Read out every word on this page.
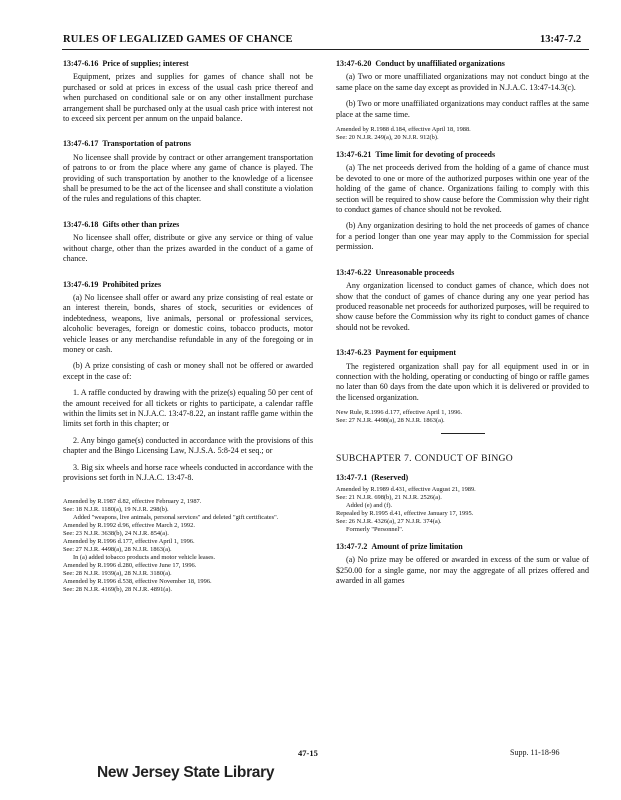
RULES OF LEGALIZED GAMES OF CHANCE	13:47-7.2
13:47-6.16 Price of supplies; interest
Equipment, prizes and supplies for games of chance shall not be purchased or sold at prices in excess of the usual cash price thereof and when purchased on conditional sale or on any other installment purchase arrangement shall be purchased only at the usual cash price with interest not to exceed six percent per annum on the unpaid balance.
13:47-6.17 Transportation of patrons
No licensee shall provide by contract or other arrangement transportation of patrons to or from the place where any game of chance is played. The providing of such transportation by another to the knowledge of a licensee shall be presumed to be the act of the licensee and shall constitute a violation of the rules and regulations of this chapter.
13:47-6.18 Gifts other than prizes
No licensee shall offer, distribute or give any service or thing of value without charge, other than the prizes awarded in the conduct of a game of chance.
13:47-6.19 Prohibited prizes
(a) No licensee shall offer or award any prize consisting of real estate or an interest therein, bonds, shares of stock, securities or evidences of indebtedness, weapons, live animals, personal or professional services, alcoholic beverages, foreign or domestic coins, tobacco products, motor vehicle leases or any merchandise refundable in any of the foregoing or in money or cash.
(b) A prize consisting of cash or money shall not be offered or awarded except in the case of:
1. A raffle conducted by drawing with the prize(s) equaling 50 per cent of the amount received for all tickets or rights to participate, a calendar raffle within the limits set in N.J.A.C. 13:47-8.22, an instant raffle game within the limits set forth in this chapter; or
2. Any bingo game(s) conducted in accordance with the provisions of this chapter and the Bingo Licensing Law, N.J.S.A. 5:8-24 et seq.; or
3. Big six wheels and horse race wheels conducted in accordance with the provisions set forth in N.J.A.C. 13:47-8.
Amended by R.1987 d.82, effective February 2, 1987.
See: 18 N.J.R. 1180(a), 19 N.J.R. 298(b).
Added "weapons, live animals, personal services" and deleted "gift certificates".
Amended by R.1992 d.96, effective March 2, 1992.
See: 23 N.J.R. 3638(b), 24 N.J.R. 854(a).
Amended by R.1996 d.177, effective April 1, 1996.
See: 27 N.J.R. 4498(a), 28 N.J.R. 1863(a).
In (a) added tobacco products and motor vehicle leases.
Amended by R.1996 d.280, effective June 17, 1996.
See: 28 N.J.R. 1939(a), 28 N.J.R. 3180(a).
Amended by R.1996 d.538, effective November 18, 1996.
See: 28 N.J.R. 4169(b), 28 N.J.R. 4891(a).
13:47-6.20 Conduct by unaffiliated organizations
(a) Two or more unaffiliated organizations may not conduct bingo at the same place on the same day except as provided in N.J.A.C. 13:47-14.3(c).
(b) Two or more unaffiliated organizations may conduct raffles at the same place at the same time.
Amended by R.1988 d.184, effective April 18, 1988.
See: 20 N.J.R. 249(a), 20 N.J.R. 912(b).
13:47-6.21 Time limit for devoting of proceeds
(a) The net proceeds derived from the holding of a game of chance must be devoted to one or more of the authorized purposes within one year of the holding of the game of chance. Organizations failing to comply with this section will be required to show cause before the Commission why their right to conduct games of chance should not be revoked.
(b) Any organization desiring to hold the net proceeds of games of chance for a period longer than one year may apply to the Commission for special permission.
13:47-6.22 Unreasonable proceeds
Any organization licensed to conduct games of chance, which does not show that the conduct of games of chance during any one year period has produced reasonable net proceeds for authorized purposes, will be required to show cause before the Commission why its right to conduct games of chance should not be revoked.
13:47-6.23 Payment for equipment
The registered organization shall pay for all equipment used in or in connection with the holding, operating or conducting of bingo or raffle games no later than 60 days from the date upon which it is delivered or provided to the licensed organization.
New Rule, R.1996 d.177, effective April 1, 1996.
See: 27 N.J.R. 4498(a), 28 N.J.R. 1863(a).
SUBCHAPTER 7. CONDUCT OF BINGO
13:47-7.1 (Reserved)
Amended by R.1989 d.431, effective August 21, 1989.
See: 21 N.J.R. 698(b), 21 N.J.R. 2526(a).
Added (e) and (f).
Repealed by R.1995 d.41, effective January 17, 1995.
See: 26 N.J.R. 4326(a), 27 N.J.R. 374(a).
Formerly "Personnel".
13:47-7.2 Amount of prize limitation
(a) No prize may be offered or awarded in excess of the sum or value of $250.00 for a single game, nor may the aggregate of all prizes offered and awarded in all games
47-15	Supp. 11-18-96
New Jersey State Library
